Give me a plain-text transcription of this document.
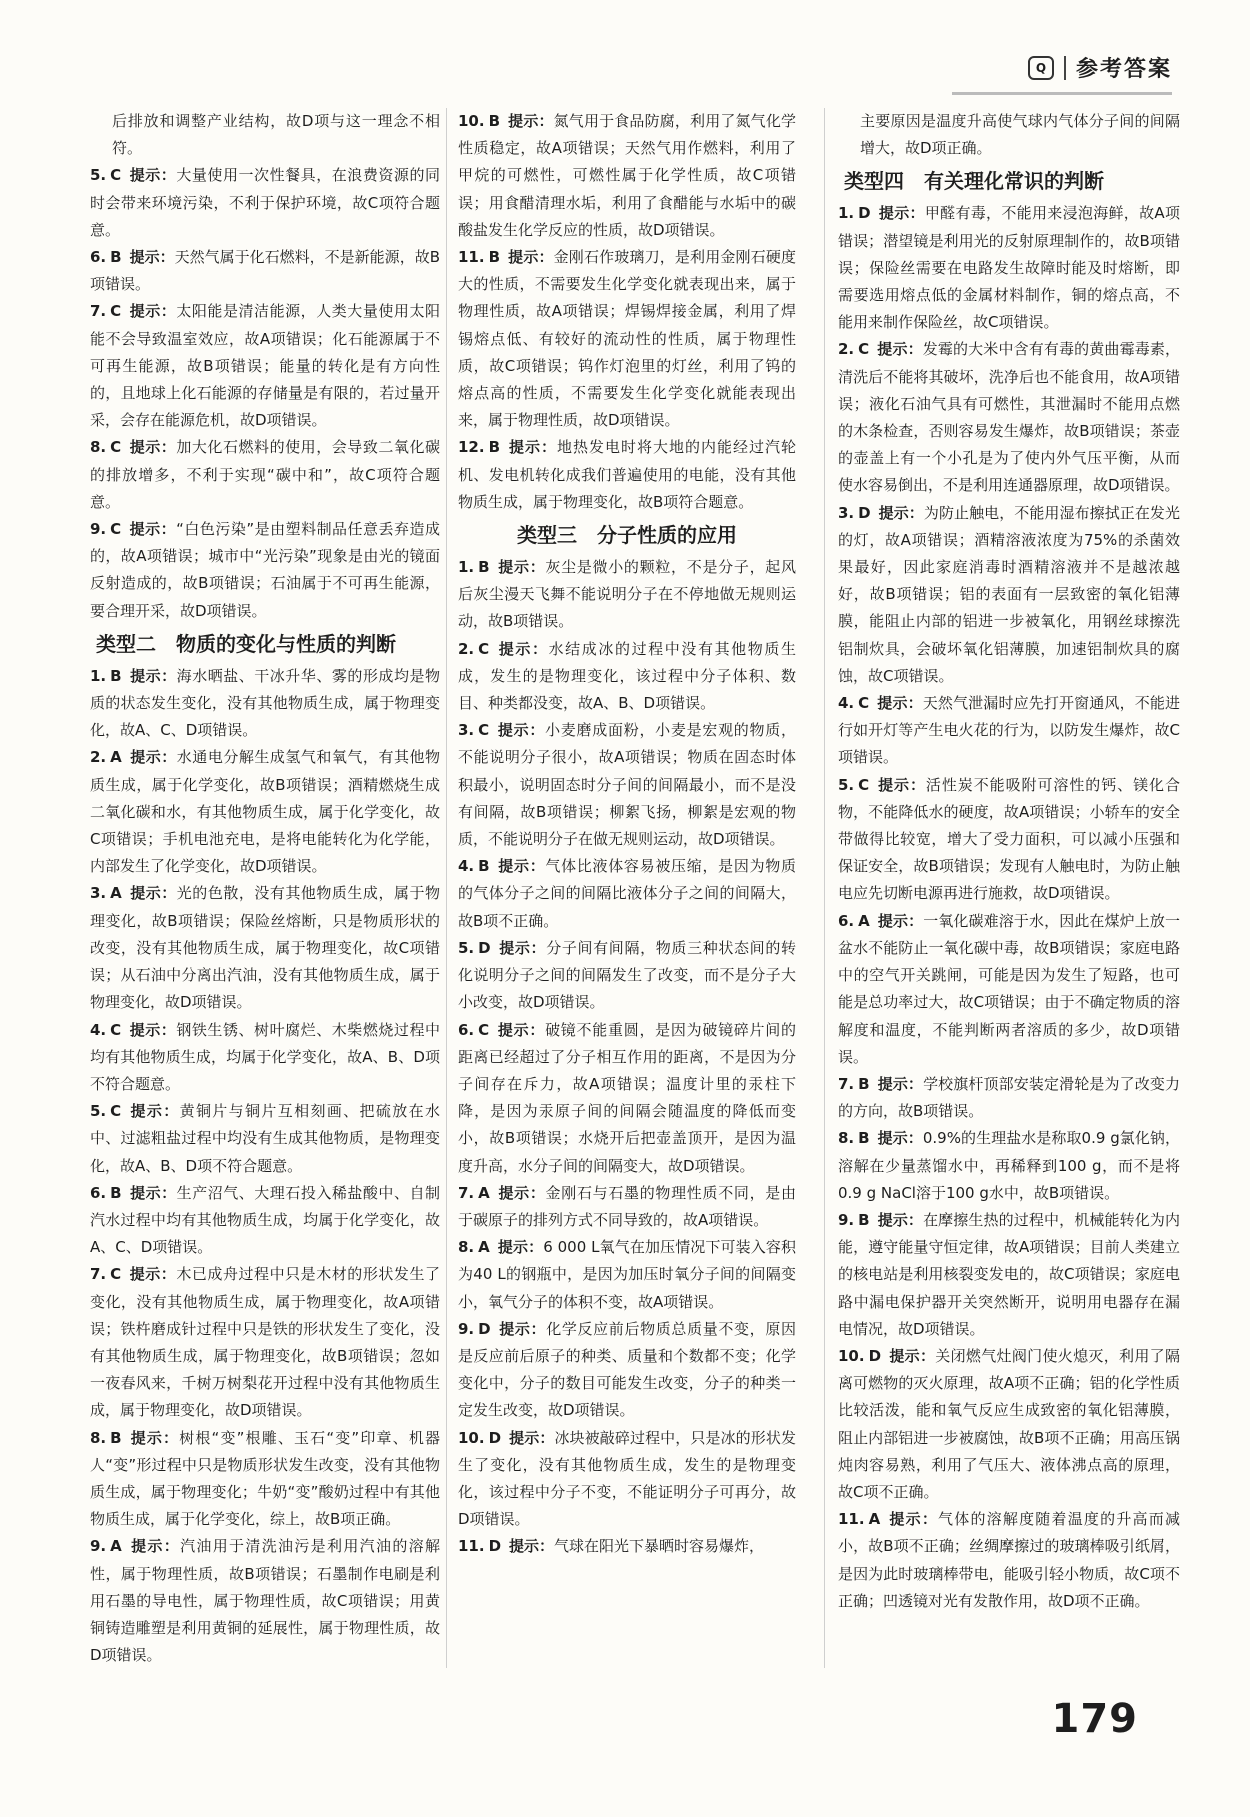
Q	参考答案
后排放和调整产业结构，故D项与这一理念不相符。
5. C 提示：大量使用一次性餐具，在浪费资源的同时会带来环境污染，不利于保护环境，故C项符合题意。
6. B 提示：天然气属于化石燃料，不是新能源，故B项错误。
7. C 提示：太阳能是清洁能源，人类大量使用太阳能不会导致温室效应，故A项错误；化石能源属于不可再生能源，故B项错误；能量的转化是有方向性的，且地球上化石能源的存储量是有限的，若过量开采，会存在能源危机，故D项错误。
8. C 提示：加大化石燃料的使用，会导致二氧化碳的排放增多，不利于实现“碳中和”，故C项符合题意。
9. C 提示：“白色污染”是由塑料制品任意丢弃造成的，故A项错误；城市中“光污染”现象是由光的镜面反射造成的，故B项错误；石油属于不可再生能源，要合理开采，故D项错误。
类型二　物质的变化与性质的判断
1. B 提示：海水晒盐、干冰升华、雾的形成均是物质的状态发生变化，没有其他物质生成，属于物理变化，故A、C、D项错误。
2. A 提示：水通电分解生成氢气和氧气，有其他物质生成，属于化学变化，故B项错误；酒精燃烧生成二氧化碳和水，有其他物质生成，属于化学变化，故C项错误；手机电池充电，是将电能转化为化学能，内部发生了化学变化，故D项错误。
3. A 提示：光的色散，没有其他物质生成，属于物理变化，故B项错误；保险丝熔断，只是物质形状的改变，没有其他物质生成，属于物理变化，故C项错误；从石油中分离出汽油，没有其他物质生成，属于物理变化，故D项错误。
4. C 提示：钢铁生锈、树叶腐烂、木柴燃烧过程中均有其他物质生成，均属于化学变化，故A、B、D项不符合题意。
5. C 提示：黄铜片与铜片互相刻画、把硫放在水中、过滤粗盐过程中均没有生成其他物质，是物理变化，故A、B、D项不符合题意。
6. B 提示：生产沼气、大理石投入稀盐酸中、自制汽水过程中均有其他物质生成，均属于化学变化，故A、C、D项错误。
7. C 提示：木已成舟过程中只是木材的形状发生了变化，没有其他物质生成，属于物理变化，故A项错误；铁杵磨成针过程中只是铁的形状发生了变化，没有其他物质生成，属于物理变化，故B项错误；忽如一夜春风来，千树万树梨花开过程中没有其他物质生成，属于物理变化，故D项错误。
8. B 提示：树根“变”根雕、玉石“变”印章、机器人“变”形过程中只是物质形状发生改变，没有其他物质生成，属于物理变化；牛奶“变”酸奶过程中有其他物质生成，属于化学变化，综上，故B项正确。
9. A 提示：汽油用于清洗油污是利用汽油的溶解性，属于物理性质，故B项错误；石墨制作电刷是利用石墨的导电性，属于物理性质，故C项错误；用黄铜铸造雕塑是利用黄铜的延展性，属于物理性质，故D项错误。
10. B 提示：氮气用于食品防腐，利用了氮气化学性质稳定，故A项错误；天然气用作燃料，利用了甲烷的可燃性，可燃性属于化学性质，故C项错误；用食醋清理水垢，利用了食醋能与水垢中的碳酸盐发生化学反应的性质，故D项错误。
11. B 提示：金刚石作玻璃刀，是利用金刚石硬度大的性质，不需要发生化学变化就表现出来，属于物理性质，故A项错误；焊锡焊接金属，利用了焊锡熔点低、有较好的流动性的性质，属于物理性质，故C项错误；钨作灯泡里的灯丝，利用了钨的熔点高的性质，不需要发生化学变化就能表现出来，属于物理性质，故D项错误。
12. B 提示：地热发电时将大地的内能经过汽轮机、发电机转化成我们普遍使用的电能，没有其他物质生成，属于物理变化，故B项符合题意。
类型三　分子性质的应用
1. B 提示：灰尘是微小的颗粒，不是分子，起风后灰尘漫天飞舞不能说明分子在不停地做无规则运动，故B项错误。
2. C 提示：水结成冰的过程中没有其他物质生成，发生的是物理变化，该过程中分子体积、数目、种类都没变，故A、B、D项错误。
3. C 提示：小麦磨成面粉，小麦是宏观的物质，不能说明分子很小，故A项错误；物质在固态时体积最小，说明固态时分子间的间隔最小，而不是没有间隔，故B项错误；柳絮飞扬，柳絮是宏观的物质，不能说明分子在做无规则运动，故D项错误。
4. B 提示：气体比液体容易被压缩，是因为物质的气体分子之间的间隔比液体分子之间的间隔大，故B项不正确。
5. D 提示：分子间有间隔，物质三种状态间的转化说明分子之间的间隔发生了改变，而不是分子大小改变，故D项错误。
6. C 提示：破镜不能重圆，是因为破镜碎片间的距离已经超过了分子相互作用的距离，不是因为分子间存在斥力，故A项错误；温度计里的汞柱下降，是因为汞原子间的间隔会随温度的降低而变小，故B项错误；水烧开后把壶盖顶开，是因为温度升高，水分子间的间隔变大，故D项错误。
7. A 提示：金刚石与石墨的物理性质不同，是由于碳原子的排列方式不同导致的，故A项错误。
8. A 提示：6 000 L氧气在加压情况下可装入容积为40 L的钢瓶中，是因为加压时氧分子间的间隔变小，氧气分子的体积不变，故A项错误。
9. D 提示：化学反应前后物质总质量不变，原因是反应前后原子的种类、质量和个数都不变；化学变化中，分子的数目可能发生改变，分子的种类一定发生改变，故D项错误。
10. D 提示：冰块被敲碎过程中，只是冰的形状发生了变化，没有其他物质生成，发生的是物理变化，该过程中分子不变，不能证明分子可再分，故D项错误。
11. D 提示：气球在阳光下暴晒时容易爆炸，
主要原因是温度升高使气球内气体分子间的间隔增大，故D项正确。
类型四　有关理化常识的判断
1. D 提示：甲醛有毒，不能用来浸泡海鲜，故A项错误；潜望镜是利用光的反射原理制作的，故B项错误；保险丝需要在电路发生故障时能及时熔断，即需要选用熔点低的金属材料制作，铜的熔点高，不能用来制作保险丝，故C项错误。
2. C 提示：发霉的大米中含有有毒的黄曲霉毒素，清洗后不能将其破坏，洗净后也不能食用，故A项错误；液化石油气具有可燃性，其泄漏时不能用点燃的木条检查，否则容易发生爆炸，故B项错误；茶壶的壶盖上有一个小孔是为了使内外气压平衡，从而使水容易倒出，不是利用连通器原理，故D项错误。
3. D 提示：为防止触电，不能用湿布擦拭正在发光的灯，故A项错误；酒精溶液浓度为75%的杀菌效果最好，因此家庭消毒时酒精溶液并不是越浓越好，故B项错误；铝的表面有一层致密的氧化铝薄膜，能阻止内部的铝进一步被氧化，用钢丝球擦洗铝制炊具，会破坏氧化铝薄膜，加速铝制炊具的腐蚀，故C项错误。
4. C 提示：天然气泄漏时应先打开窗通风，不能进行如开灯等产生电火花的行为，以防发生爆炸，故C项错误。
5. C 提示：活性炭不能吸附可溶性的钙、镁化合物，不能降低水的硬度，故A项错误；小轿车的安全带做得比较宽，增大了受力面积，可以减小压强和保证安全，故B项错误；发现有人触电时，为防止触电应先切断电源再进行施救，故D项错误。
6. A 提示：一氧化碳难溶于水，因此在煤炉上放一盆水不能防止一氧化碳中毒，故B项错误；家庭电路中的空气开关跳闸，可能是因为发生了短路，也可能是总功率过大，故C项错误；由于不确定物质的溶解度和温度，不能判断两者溶质的多少，故D项错误。
7. B 提示：学校旗杆顶部安装定滑轮是为了改变力的方向，故B项错误。
8. B 提示：0.9%的生理盐水是称取0.9 g氯化钠，溶解在少量蒸馏水中，再稀释到100 g，而不是将0.9 g NaCl溶于100 g水中，故B项错误。
9. B 提示：在摩擦生热的过程中，机械能转化为内能，遵守能量守恒定律，故A项错误；目前人类建立的核电站是利用核裂变发电的，故C项错误；家庭电路中漏电保护器开关突然断开，说明用电器存在漏电情况，故D项错误。
10. D 提示：关闭燃气灶阀门使火熄灭，利用了隔离可燃物的灭火原理，故A项不正确；铝的化学性质比较活泼，能和氧气反应生成致密的氧化铝薄膜，阻止内部铝进一步被腐蚀，故B项不正确；用高压锅炖肉容易熟，利用了气压大、液体沸点高的原理，故C项不正确。
11. A 提示：气体的溶解度随着温度的升高而减小，故B项不正确；丝绸摩擦过的玻璃棒吸引纸屑，是因为此时玻璃棒带电，能吸引轻小物质，故C项不正确；凹透镜对光有发散作用，故D项不正确。
179
